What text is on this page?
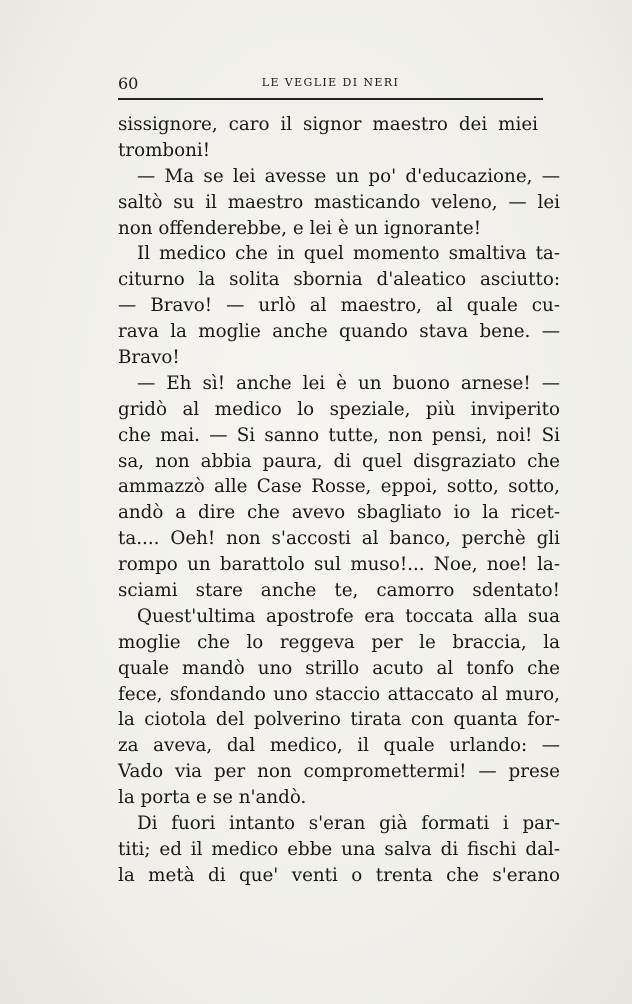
60	LE VEGLIE DI NERI
sissignore, caro il signor maestro dei miei
tromboni!
— Ma se lei avesse un po' d'educazione, —
saltò su il maestro masticando veleno, — lei
non offenderebbe, e lei è un ignorante!
Il medico che in quel momento smaltiva ta-
citurno la solita sbornia d'aleatico asciutto:
— Bravo! — urlò al maestro, al quale cu-
rava la moglie anche quando stava bene. —
Bravo!
— Eh sì! anche lei è un buono arnese! —
gridò al medico lo speziale, più inviperito
che mai. — Si sanno tutte, non pensi, noi! Si
sa, non abbia paura, di quel disgraziato che
ammazzò alle Case Rosse, eppoi, sotto, sotto,
andò a dire che avevo sbagliato io la ricet-
ta.... Oeh! non s'accosti al banco, perchè gli
rompo un barattolo sul muso!... Noe, noe! la-
sciami stare anche te, camorro sdentato!
Quest'ultima apostrofe era toccata alla sua
moglie che lo reggeva per le braccia, la
quale mandò uno strillo acuto al tonfo che
fece, sfondando uno staccio attaccato al muro,
la ciotola del polverino tirata con quanta for-
za aveva, dal medico, il quale urlando: —
Vado via per non compromettermi! — prese
la porta e se n'andò.
Di fuori intanto s'eran già formati i par-
titi; ed il medico ebbe una salva di fischi dal-
la metà di que' venti o trenta che s'erano
